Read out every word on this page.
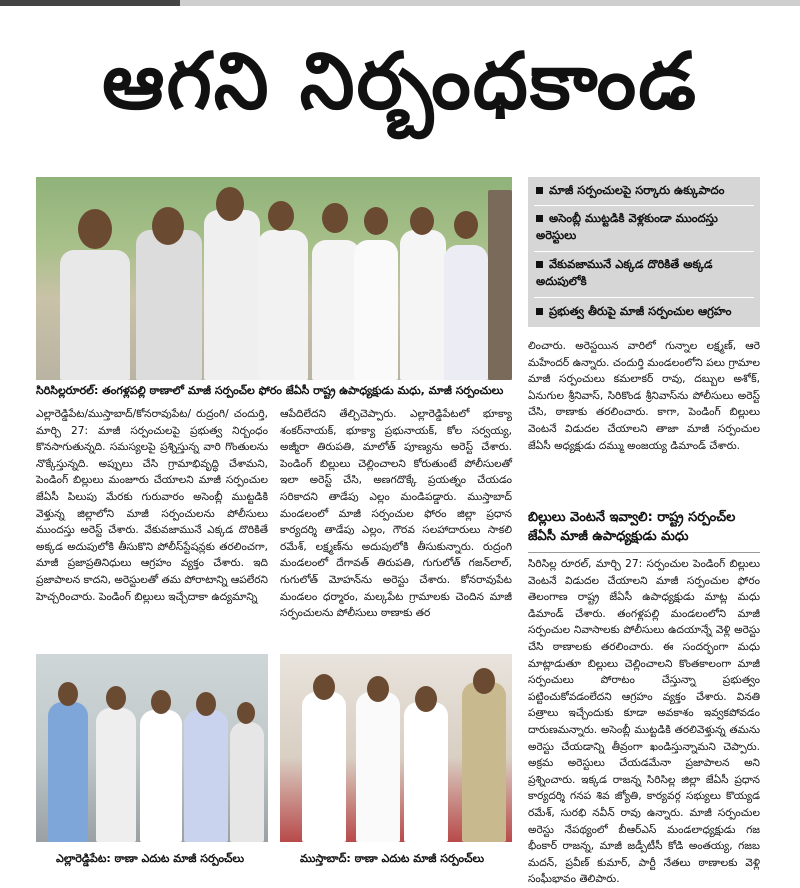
ఆగని నిర్బంధకాండ
సిరిసిల్లరూరల్‌: తంగళ్లపల్లి ఠాణాలో మాజీ సర్పంచ్‌ల ఫోరం జేఏసీ రాష్ట్ర ఉపాధ్యక్షుడు మధు, మాజీ సర్పంచులు
మాజీ సర్పంచులపై సర్కారు ఉక్కుపాదం
అసెంబ్లీ ముట్టడికి వెళ్లకుండా ముందస్తు అరెస్టులు
వేకువజామునే ఎక్కడ దొరికితే అక్కడ అదుపులోకి
ప్రభుత్వ తీరుపై మాజీ సర్పంచుల ఆగ్రహం
లించారు. అరెస్టయిన వారిలో గున్నాల లక్ష్మణ్‌, ఆరె మహేందర్‌ ఉన్నారు. చందుర్తి మండలంలోని పలు గ్రామాల మాజీ సర్పంచులు కమలాకర్‌ రావు, దబ్బుల అశోక్‌, ఏనుగుల శ్రీనివాస్‌, సిరికొండ శ్రీనివాస్‌ను పోలీసులు అరెస్ట్‌ చేసి, ఠాణాకు తరలించారు. కాగా, పెండింగ్‌ బిల్లులు వెంటనే విడుదల చేయాలని తాజా మాజీ సర్పంచుల జేఏసీ అధ్యక్షుడు దమ్ము అంజయ్య డిమాండ్‌ చేశారు.
బిల్లులు వెంటనే ఇవ్వాలి: రాష్ట్ర సర్పంచ్‌ల జేఏసీ మాజీ ఉపాధ్యక్షుడు మధు
సిరిసిల్ల రూరల్‌, మార్చి 27: సర్పంచుల పెండింగ్‌ బిల్లులు వెంటనే విడుదల చేయాలని మాజీ సర్పంచుల ఫోరం తెలంగాణ రాష్ట్ర జేఏసీ ఉపాధ్యక్షుడు మాట్ల మధు డిమాండ్‌ చేశారు. తంగళ్లపల్లి మండలంలోని మాజీ సర్పంచుల నివాసాలకు పోలీసులు ఉదయాన్నే వెళ్లి అరెస్టు చేసి ఠాణాలకు తరలించారు. ఈ సందర్భంగా మధు మాట్లాడుతూ బిల్లులు చెల్లించాలని కొంతకాలంగా మాజీ సర్పంచులు పోరాటం చేస్తున్నా ప్రభుత్వం పట్టించుకోవడంలేదని ఆగ్రహం వ్యక్తం చేశారు. వినతి పత్రాలు ఇచ్చేందుకు కూడా అవకాశం ఇవ్వకపోవడం దారుణమన్నారు. అసెంబ్లీ ముట్టడికి తరలివెళ్తున్న తమను అరెస్టు చేయడాన్ని తీవ్రంగా ఖండిస్తున్నామని చెప్పారు. అక్రమ అరెస్టులు చేయడమేనా ప్రజాపాలన అని ప్రశ్నించారు. ఇక్కడ రాజన్న సిరిసిల్ల జిల్లా జేఏసీ ప్రధాన కార్యదర్శి గనప శివ జ్యోతి, కార్యవర్గ సభ్యులు కొయ్యడ రమేశ్‌, సురభి నవీన్‌ రావు ఉన్నారు. మాజీ సర్పంచుల అరెస్టు నేపథ్యంలో బీఆర్‌ఎస్‌ మండలాధ్యక్షుడు గజ భీంకార్‌ రాజన్న, మాజీ జడ్పీటీసీ కోడి అంతయ్య, గజబ మదన్‌, ప్రవీణ్‌ కుమార్‌, పార్టీ నేతలు ఠాణాలకు వెళ్లి సంఘీభావం తెలిపారు.
ఎల్లారెడ్డిపేట/ముస్తాబాద్‌/కోనరావుపేట/ రుద్రంగి/ చందుర్తి, మార్చి 27: మాజీ సర్పంచులపై ప్రభుత్వ నిర్బంధం కొనసాగుతున్నది. సమస్యలపై ప్రశ్నిస్తున్న వారి గొంతులను నొక్కేస్తున్నది. అప్పులు చేసి గ్రామాభివృద్ధి చేశామని, పెండింగ్‌ బిల్లులు మంజూరు చేయాలని మాజీ సర్పంచుల జేఏసీ పిలుపు మేరకు గురువారం అసెంబ్లీ ముట్టడికి వెళ్తున్న జిల్లాలోని మాజీ సర్పంచులను పోలీసులు ముందస్తు అరెస్ట్‌ చేశారు. వేకువజామునే ఎక్కడ దొరికితే అక్కడ అదుపులోకి తీసుకొని పోలీస్‌స్టేషన్లకు తరలించగా, మాజీ ప్రజాప్రతినిధులు ఆగ్రహం వ్యక్తం చేశారు. ఇది ప్రజాపాలన కాదని, అరెస్టులతో తమ పోరాటాన్ని ఆపలేరని హెచ్చరించారు. పెండింగ్‌ బిల్లులు ఇచ్చేదాకా ఉద్యమాన్ని
ఆపేదిలేదని తేల్చిచెప్పారు. ఎల్లారెడ్డిపేటలో భూక్యా శంకర్‌నాయక్‌, భూక్యా ప్రభునాయక్‌, కోల సర్వయ్య, అజ్మీరా తిరుపతి, మాలోత్‌ పూణ్యను అరెస్ట్‌ చేశారు. పెండింగ్‌ బిల్లులు చెల్లించాలని కోరుతుంటే పోలీసులతో ఇలా అరెస్ట్‌ చేసి, అణగదొక్కే ప్రయత్నం చేయడం సరికాదని తాడేపు ఎల్లం మండిపడ్డారు. ముస్తాబాద్‌ మండలంలో మాజీ సర్పంచుల ఫోరం జిల్లా ప్రధాన కార్యదర్శి తాడేపు ఎల్లం, గౌరవ సలహాదారులు సాకలి రమేశ్‌, లక్ష్మణ్‌ను అదుపులోకి తీసుకున్నారు. రుద్రంగి మండలంలో దేగావత్‌ తిరుపతి, గుగులోత్‌ గజన్‌లాల్‌, గుగులోత్‌ మోహన్‌ను అరెస్టు చేశారు. కోనరావుపేట మండలం ధర్మారం, మల్కపేట గ్రామాలకు చెందిన మాజీ సర్పంచులను పోలీసులు ఠాణాకు తర
ఎల్లారెడ్డిపేట: ఠాణా ఎదుట మాజీ సర్పంచ్‌లు	ముస్తాబాద్‌: ఠాణా ఎదుట మాజీ సర్పంచ్‌లు
